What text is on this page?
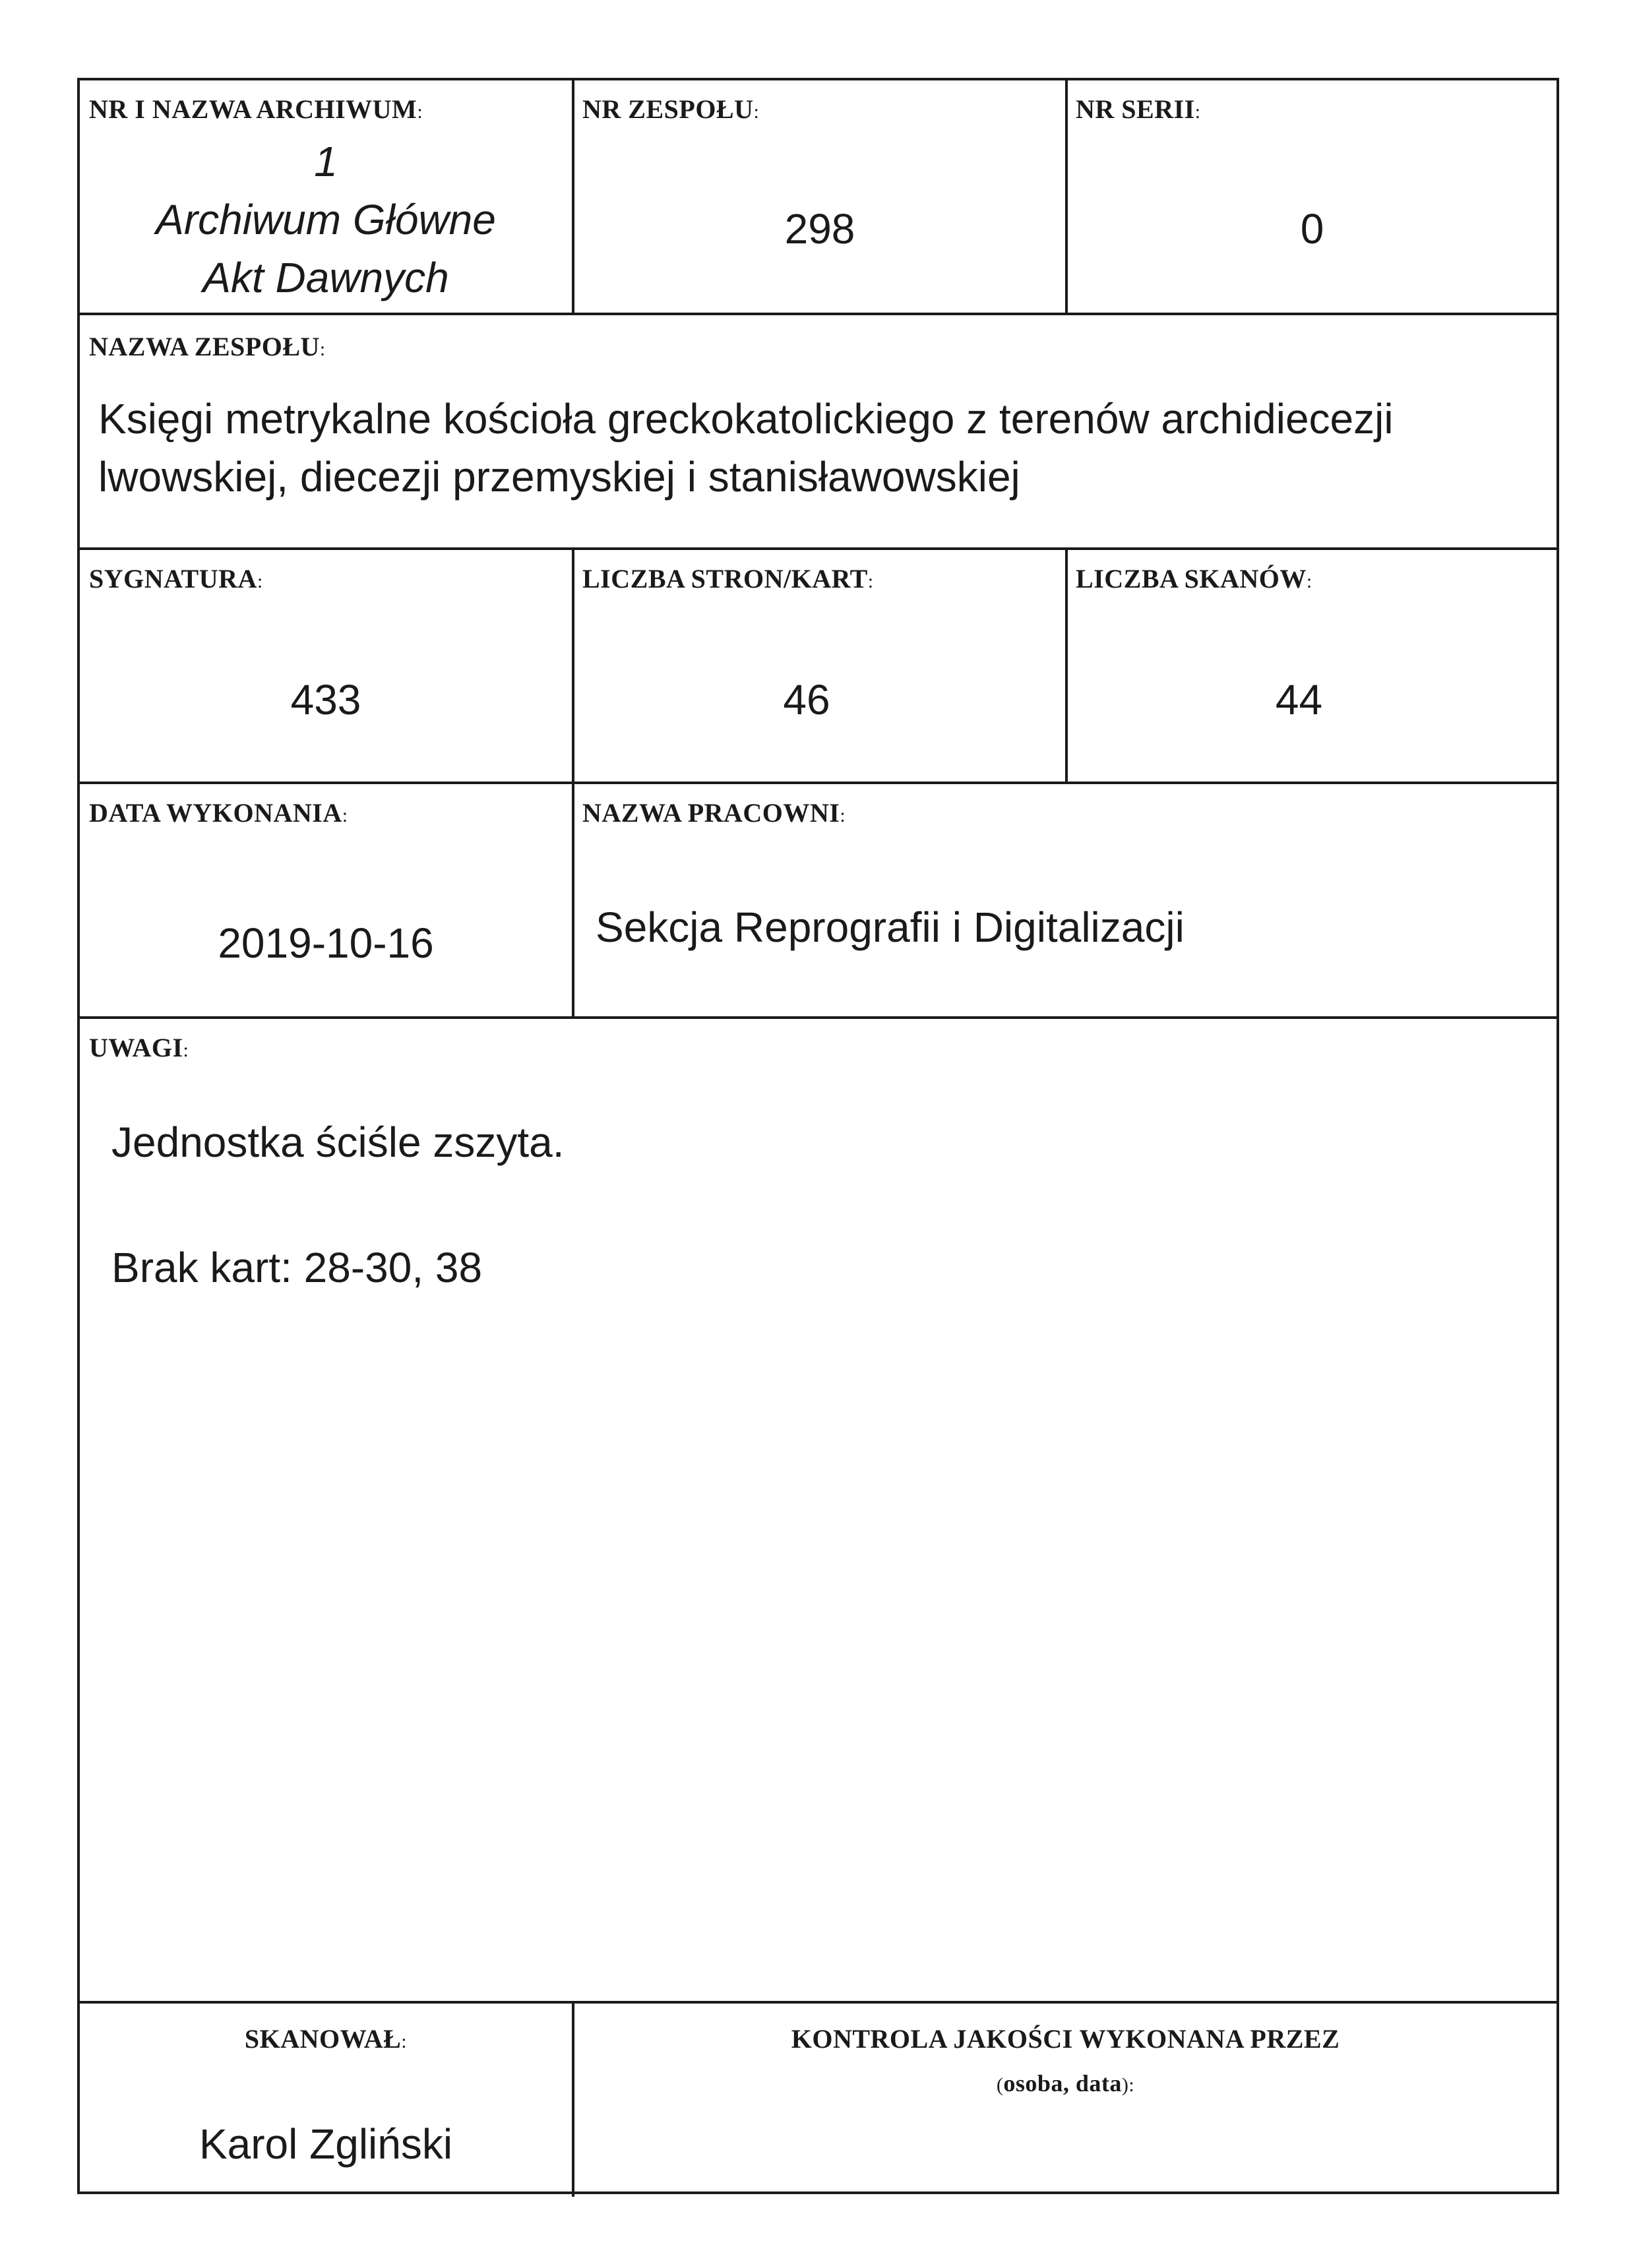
NR I NAZWA ARCHIWUM:
1
Archiwum Główne
Akt Dawnych
NR ZESPOŁU:
298
NR SERII:
0
NAZWA ZESPOŁU:
Księgi metrykalne kościoła greckokatolickiego z terenów archidiecezji
lwowskiej, diecezji przemyskiej i stanisławowskiej
SYGNATURA:
433
LICZBA STRON/KART:
46
LICZBA SKANÓW:
44
DATA WYKONANIA:
2019-10-16
NAZWA PRACOWNI:
Sekcja Reprografii i Digitalizacji
UWAGI:
Jednostka ściśle zszyta.
Brak kart: 28-30, 38
SKANOWAŁ:
Karol Zgliński
KONTROLA JAKOŚCI WYKONANA PRZEZ
(osoba, data):
